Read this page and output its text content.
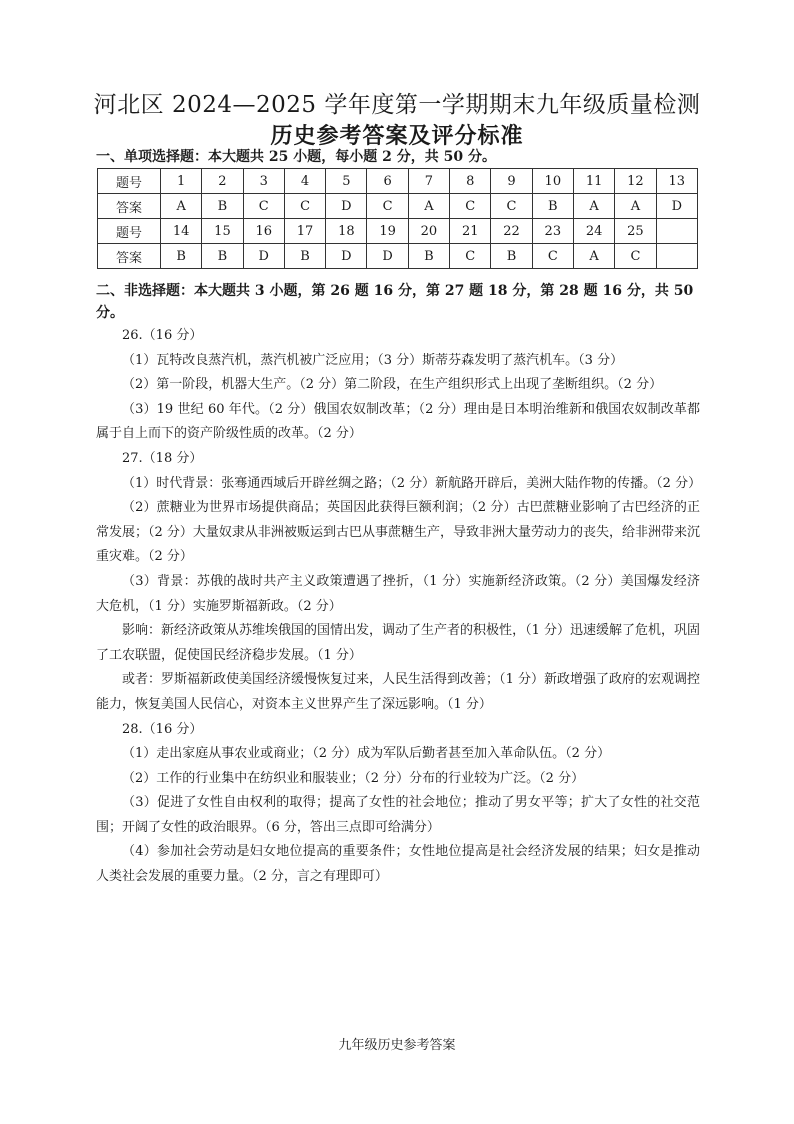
河北区 2024—2025 学年度第一学期期末九年级质量检测
历史参考答案及评分标准
一、单项选择题：本大题共 25 小题，每小题 2 分，共 50 分。
题号	1	2	3	4	5	6	7	8	9	10	11	12	13
答案	A	B	C	C	D	C	A	C	C	B	A	A	D
题号	14	15	16	17	18	19	20	21	22	23	24	25	
答案	B	B	D	B	D	D	B	C	B	C	A	C	
二、非选择题：本大题共 3 小题，第 26 题 16 分，第 27 题 18 分，第 28 题 16 分，共 50 分。

26.（16 分）

（1）瓦特改良蒸汽机，蒸汽机被广泛应用；（3 分）斯蒂芬森发明了蒸汽机车。（3 分）

（2）第一阶段，机器大生产。（2 分）第二阶段，在生产组织形式上出现了垄断组织。（2 分）

（3）19 世纪 60 年代。（2 分）俄国农奴制改革；（2 分）理由是日本明治维新和俄国农奴制改革都属于自上而下的资产阶级性质的改革。（2 分）

27.（18 分）

（1）时代背景：张骞通西域后开辟丝绸之路；（2 分）新航路开辟后，美洲大陆作物的传播。（2 分）

（2）蔗糖业为世界市场提供商品；英国因此获得巨额利润；（2 分）古巴蔗糖业影响了古巴经济的正常发展；（2 分）大量奴隶从非洲被贩运到古巴从事蔗糖生产，导致非洲大量劳动力的丧失，给非洲带来沉重灾难。（2 分）

（3）背景：苏俄的战时共产主义政策遭遇了挫折，（1 分）实施新经济政策。（2 分）美国爆发经济大危机，（1 分）实施罗斯福新政。（2 分）

影响：新经济政策从苏维埃俄国的国情出发，调动了生产者的积极性，（1 分）迅速缓解了危机，巩固了工农联盟，促使国民经济稳步发展。（1 分）

或者：罗斯福新政使美国经济缓慢恢复过来，人民生活得到改善；（1 分）新政增强了政府的宏观调控能力，恢复美国人民信心，对资本主义世界产生了深远影响。（1 分）

28.（16 分）

（1）走出家庭从事农业或商业；（2 分）成为军队后勤者甚至加入革命队伍。（2 分）

（2）工作的行业集中在纺织业和服装业；（2 分）分布的行业较为广泛。（2 分）

（3）促进了女性自由权利的取得；提高了女性的社会地位；推动了男女平等；扩大了女性的社交范围；开阔了女性的政治眼界。（6 分，答出三点即可给满分）

（4）参加社会劳动是妇女地位提高的重要条件；女性地位提高是社会经济发展的结果；妇女是推动人类社会发展的重要力量。（2 分，言之有理即可）

九年级历史参考答案
